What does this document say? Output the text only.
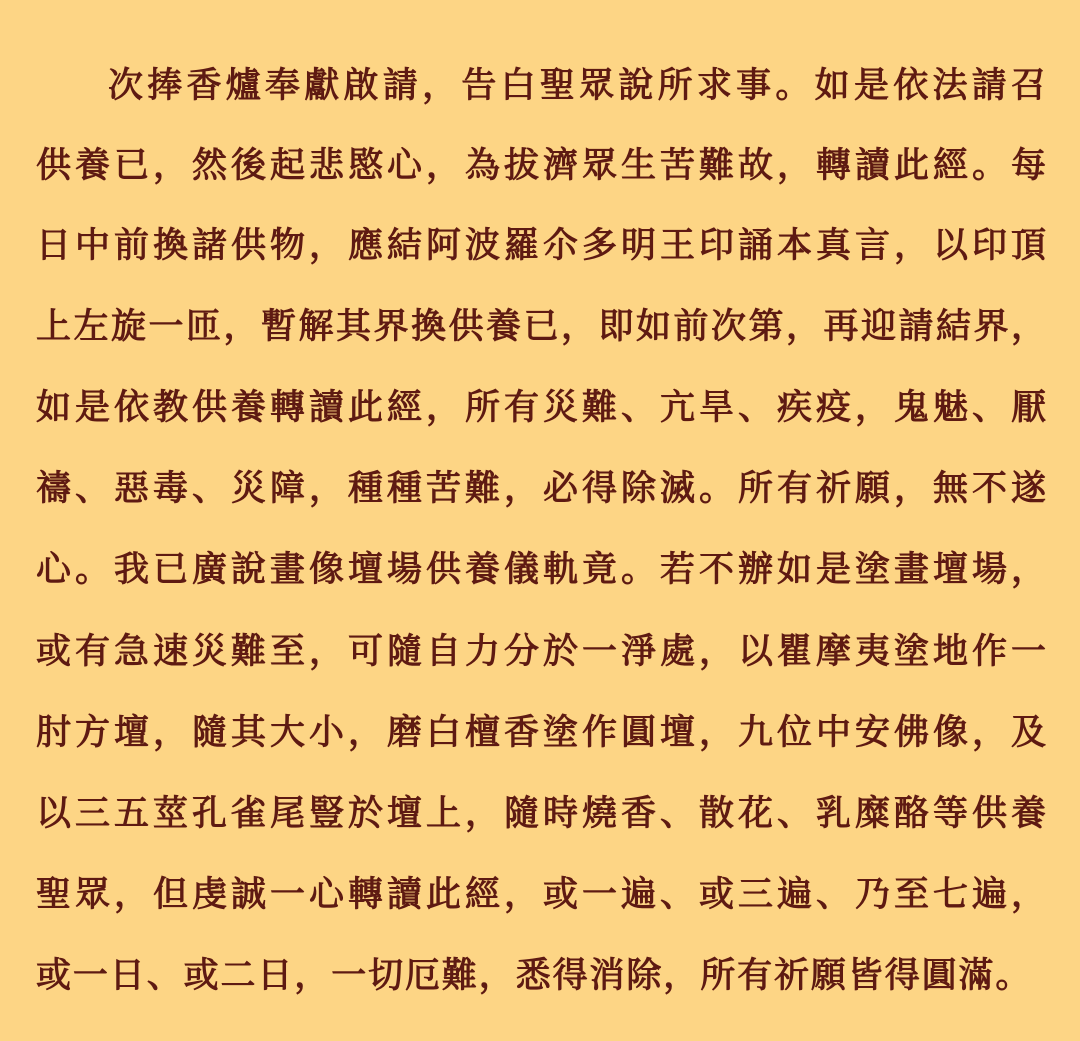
次捧香爐奉獻啟請，告白聖眾說所求事。如是依法請召
供養已，然後起悲愍心，為拔濟眾生苦難故，轉讀此經。每
日中前換諸供物，應結阿波羅尒多明王印誦本真言，以印頂
上左旋一匝，暫解其界換供養已，即如前次第，再迎請結界，
如是依教供養轉讀此經，所有災難、亢旱、疾疫，鬼魅、厭
禱、惡毒、災障，種種苦難，必得除滅。所有祈願，無不遂
心。我已廣說畫像壇場供養儀軌竟。若不辦如是塗畫壇場，
或有急速災難至，可隨自力分於一淨處，以瞿摩夷塗地作一
肘方壇，隨其大小，磨白檀香塗作圓壇，九位中安佛像，及
以三五莖孔雀尾豎於壇上，隨時燒香、散花、乳糜酪等供養
聖眾，但虔誠一心轉讀此經，或一遍、或三遍、乃至七遍，
或一日、或二日，一切厄難，悉得消除，所有祈願皆得圓滿。
